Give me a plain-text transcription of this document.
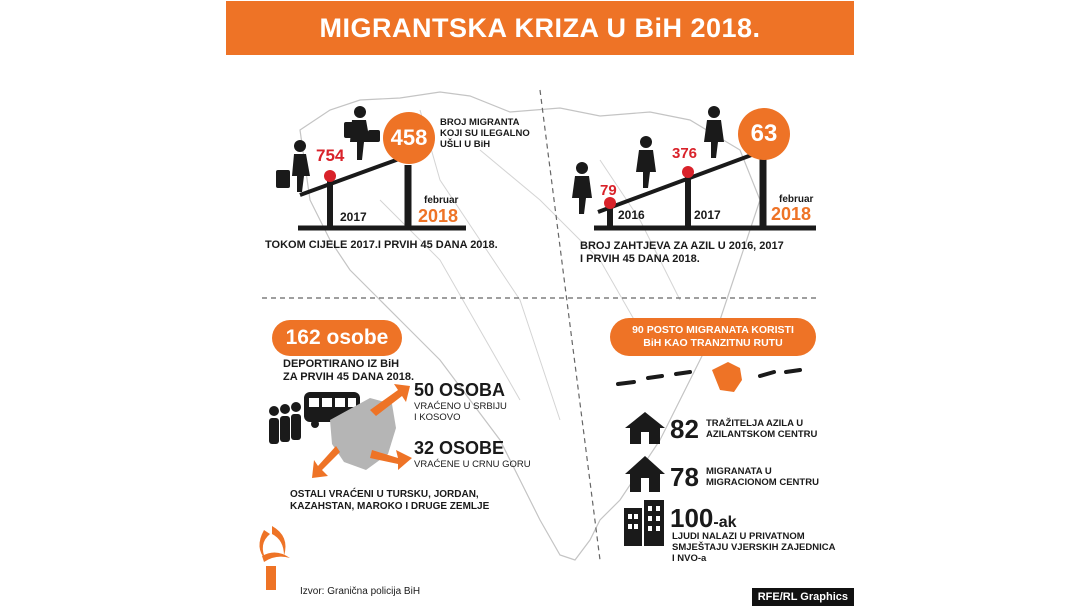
MIGRANTSKA KRIZA U BiH 2018.
754
458
BROJ MIGRANTA
KOJI SU ILEGALNO
UŠLI U BiH
2017
februar
2018
TOKOM CIJELE 2017.I PRVIH 45 DANA 2018.
79
376
63
2016	2017
februar
2018
BROJ ZAHTJEVA ZA AZIL U 2016, 2017
I PRVIH 45 DANA 2018.
162
osobe
DEPORTIRANO IZ BiH
ZA PRVIH 45 DANA 2018.
50 OSOBA
VRAĆENO U SRBIJU
I KOSOVO
32 OSOBE
VRAĆENE U CRNU GORU
OSTALI VRAĆENI U TURSKU, JORDAN,
KAZAHSTAN, MAROKO I DRUGE ZEMLJE
90 POSTO MIGRANATA KORISTI
BiH KAO TRANZITNU RUTU
82 TRAŽITELJA AZILA U
AZILANTSKOM CENTRU
78 MIGRANATA U
MIGRACIONOM CENTRU
100-ak
LJUDI NALAZI U PRIVATNOM
SMJEŠTAJU VJERSKIH ZAJEDNICA
I NVO-a
Izvor: Granična policija BiH	RFE/RL Graphics
